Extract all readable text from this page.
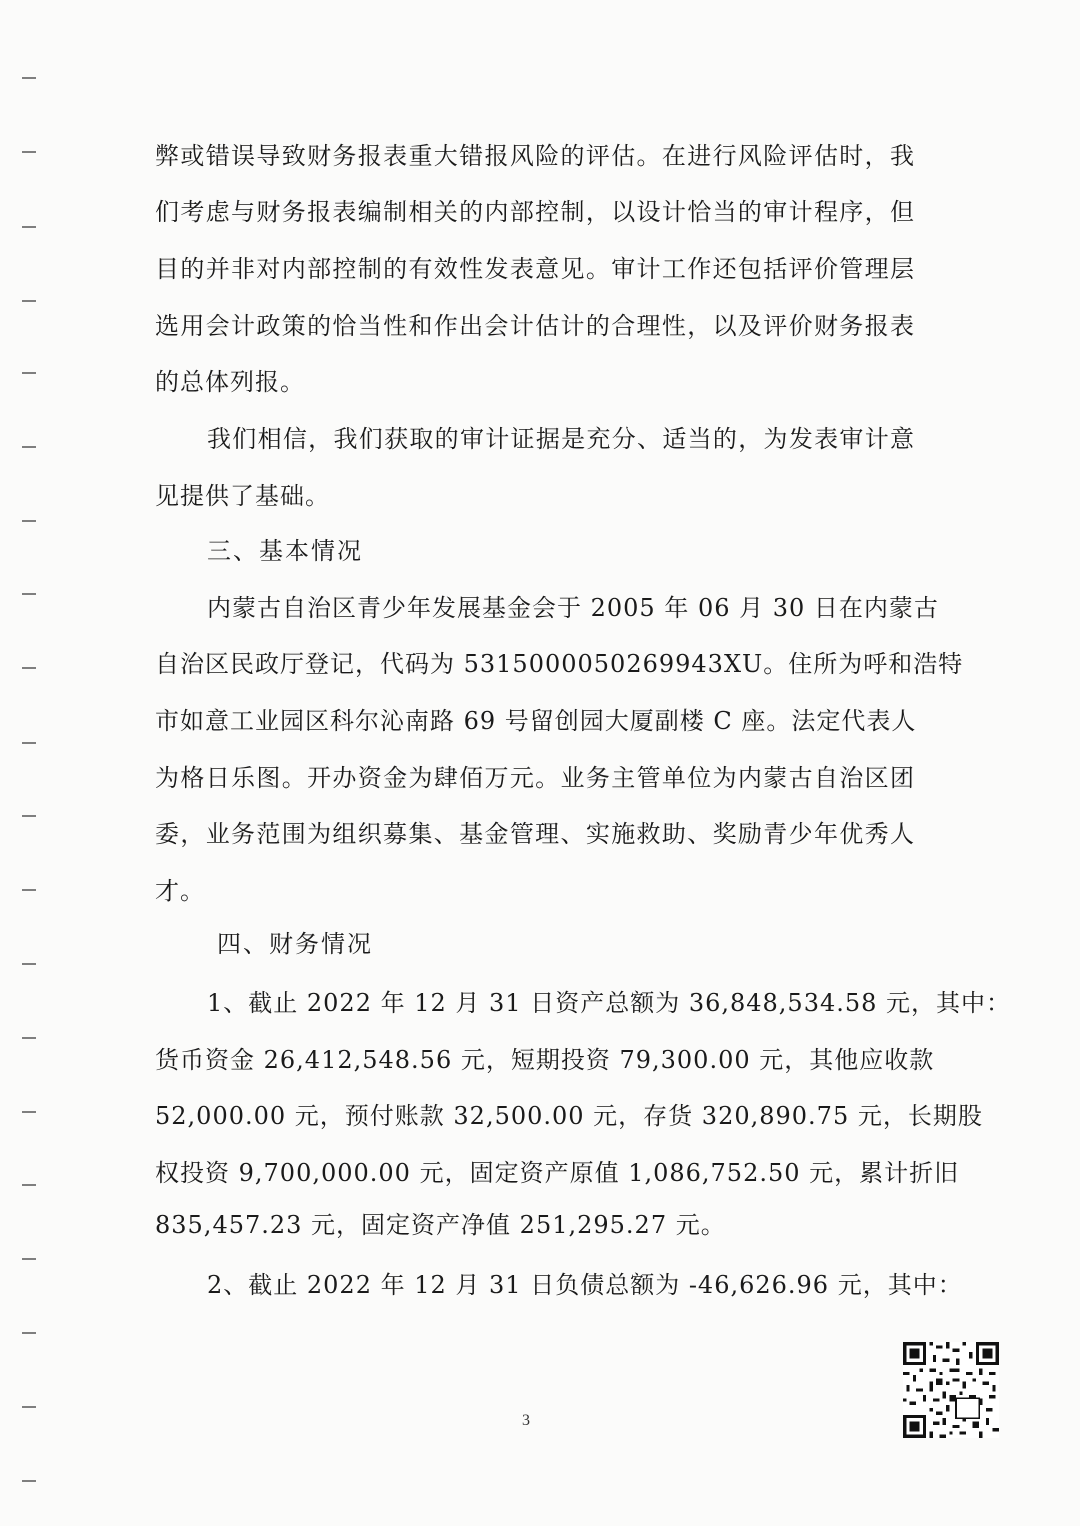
弊或错误导致财务报表重大错报风险的评估。在进行风险评估时，我
们考虑与财务报表编制相关的内部控制，以设计恰当的审计程序，但
目的并非对内部控制的有效性发表意见。审计工作还包括评价管理层
选用会计政策的恰当性和作出会计估计的合理性，以及评价财务报表
的总体列报。
我们相信，我们获取的审计证据是充分、适当的，为发表审计意
见提供了基础。
三、基本情况
内蒙古自治区青少年发展基金会于 2005 年 06 月 30 日在内蒙古
自治区民政厅登记，代码为 5315000050269943XU。住所为呼和浩特
市如意工业园区科尔沁南路 69 号留创园大厦副楼 C 座。法定代表人
为格日乐图。开办资金为肆佰万元。业务主管单位为内蒙古自治区团
委，业务范围为组织募集、基金管理、实施救助、奖励青少年优秀人
才。
四、财务情况
1、截止 2022 年 12 月 31 日资产总额为 36,848,534.58 元，其中：
货币资金 26,412,548.56 元，短期投资 79,300.00 元，其他应收款
52,000.00 元，预付账款 32,500.00 元，存货 320,890.75 元，长期股
权投资 9,700,000.00 元，固定资产原值 1,086,752.50 元，累计折旧
835,457.23 元，固定资产净值 251,295.27 元。
2、截止 2022 年 12 月 31 日负债总额为 -46,626.96 元，其中：
3
